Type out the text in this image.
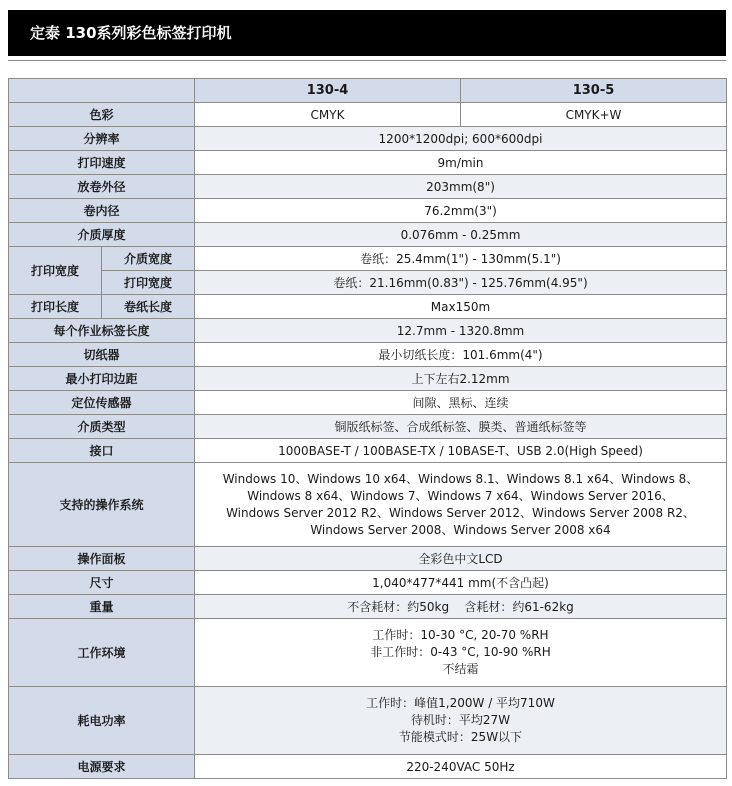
定泰 130系列彩色标签打印机
		130-4	130-5
色彩		CMYK	CMYK+W
分辨率		1200*1200dpi; 600*600dpi	
打印速度		9m/min	
放卷外径		203mm(8")	
卷内径		76.2mm(3")	
介质厚度		0.076mm - 0.25mm	
打印宽度	介质宽度	卷纸：25.4mm(1") - 130mm(5.1")	
	打印宽度	卷纸：21.16mm(0.83") - 125.76mm(4.95")	
打印长度	卷纸长度	Max150m	
每个作业标签长度		12.7mm - 1320.8mm	
切纸器		最小切纸长度：101.6mm(4")	
最小打印边距		上下左右2.12mm	
定位传感器		间隙、黑标、连续	
介质类型		铜版纸标签、合成纸标签、膜类、普通纸标签等	
接口		1000BASE-T / 100BASE-TX / 10BASE-T、USB 2.0(High Speed)	
支持的操作系统		Windows 10、Windows 10 x64、Windows 8.1、Windows 8.1 x64、Windows 8、
Windows 8 x64、Windows 7、Windows 7 x64、Windows Server 2016、
Windows Server 2012 R2、Windows Server 2012、Windows Server 2008 R2、
Windows Server 2008、Windows Server 2008 x64	

操作面板		全彩色中文LCD	
尺寸		1,040*477*441 mm(不含凸起)	
重量		不含耗材：约50kg    含耗材：约61-62kg	
工作环境		工作时：10-30 °C, 20-70 %RH
非工作时：0-43 °C, 10-90 %RH
不结霜	

耗电功率		工作时：峰值1,200W / 平均710W
待机时：平均27W
节能模式时：25W以下	

电源要求		220-240VAC 50Hz	
